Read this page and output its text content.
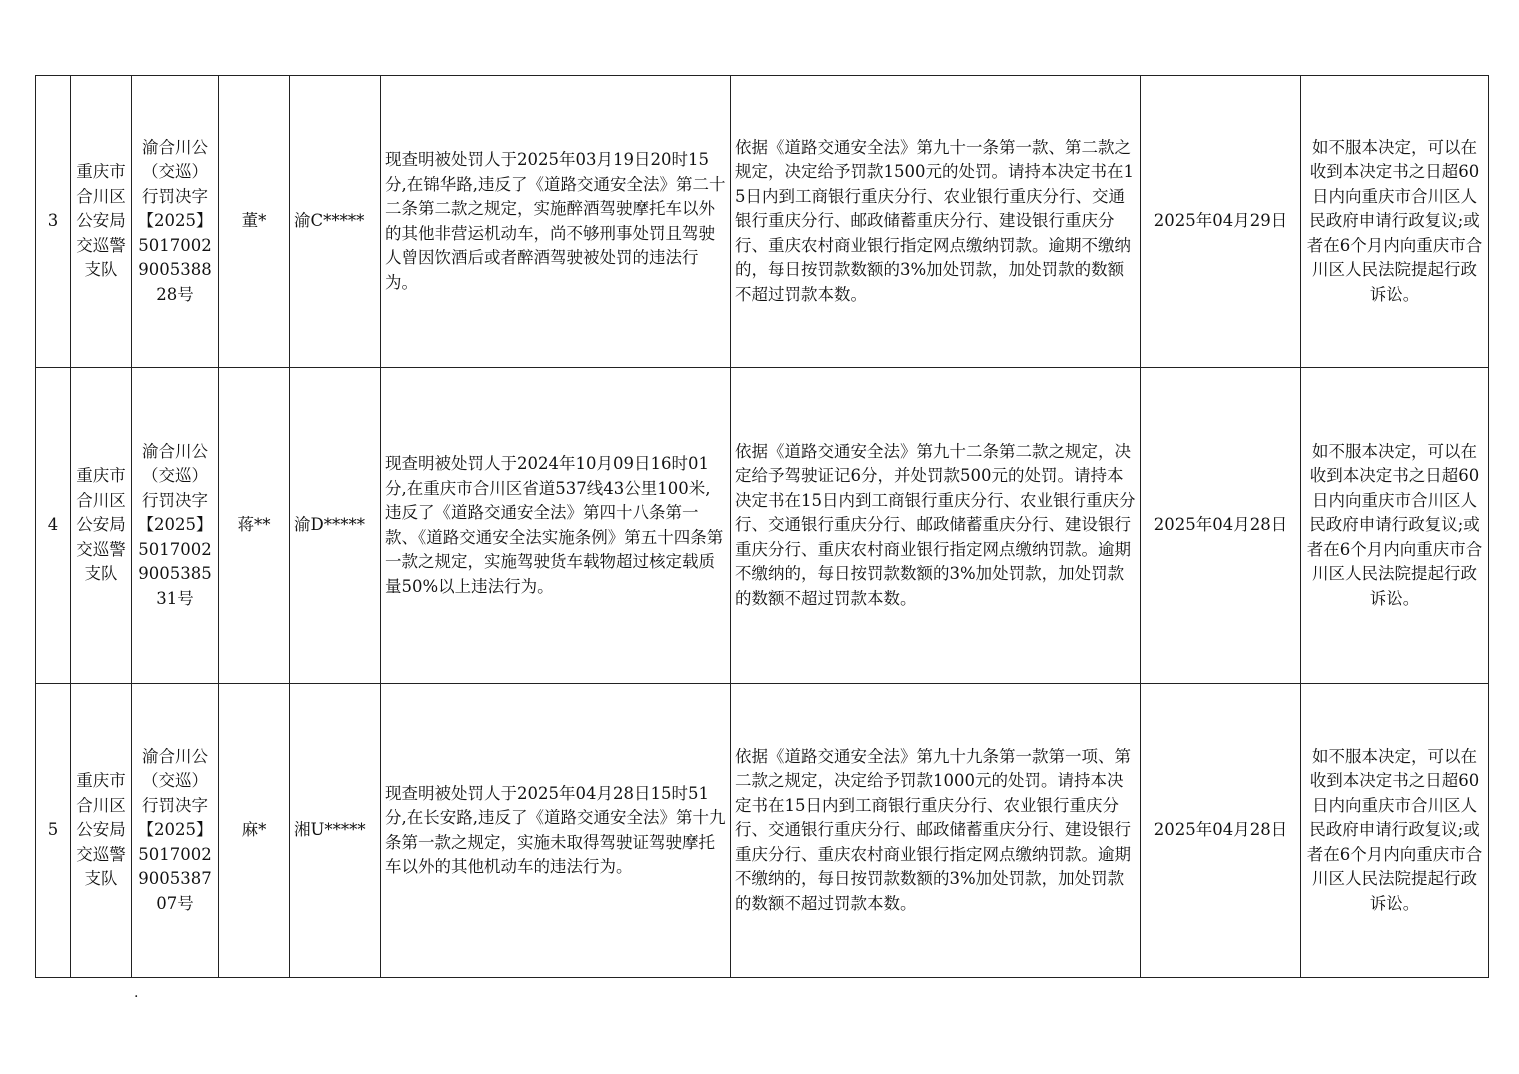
3	重庆市合川区公安局交巡警支队	渝合川公（交巡）行罚决字【2025】5017002900538828号	董*	渝C*****	现查明被处罚人于2025年03月19日20时15分,在锦华路,违反了《道路交通安全法》第二十二条第二款之规定，实施醉酒驾驶摩托车以外的其他非营运机动车，尚不够刑事处罚且驾驶人曾因饮酒后或者醉酒驾驶被处罚的违法行为。	依据《道路交通安全法》第九十一条第一款、第二款之规定，决定给予罚款1500元的处罚。请持本决定书在15日内到工商银行重庆分行、农业银行重庆分行、交通银行重庆分行、邮政储蓄重庆分行、建设银行重庆分行、重庆农村商业银行指定网点缴纳罚款。逾期不缴纳的，每日按罚款数额的3%加处罚款，加处罚款的数额不超过罚款本数。	2025年04月29日	如不服本决定，可以在收到本决定书之日超60日内向重庆市合川区人民政府申请行政复议;或者在6个月内向重庆市合川区人民法院提起行政诉讼。
4	重庆市合川区公安局交巡警支队	渝合川公（交巡）行罚决字【2025】5017002900538531号	蒋**	渝D*****	现查明被处罚人于2024年10月09日16时01分,在重庆市合川区省道537线43公里100米,违反了《道路交通安全法》第四十八条第一款、《道路交通安全法实施条例》第五十四条第一款之规定，实施驾驶货车载物超过核定载质量50%以上违法行为。	依据《道路交通安全法》第九十二条第二款之规定，决定给予驾驶证记6分，并处罚款500元的处罚。请持本决定书在15日内到工商银行重庆分行、农业银行重庆分行、交通银行重庆分行、邮政储蓄重庆分行、建设银行重庆分行、重庆农村商业银行指定网点缴纳罚款。逾期不缴纳的，每日按罚款数额的3%加处罚款，加处罚款的数额不超过罚款本数。	2025年04月28日	如不服本决定，可以在收到本决定书之日超60日内向重庆市合川区人民政府申请行政复议;或者在6个月内向重庆市合川区人民法院提起行政诉讼。
5	重庆市合川区公安局交巡警支队	渝合川公（交巡）行罚决字【2025】5017002900538707号	麻*	湘U*****	现查明被处罚人于2025年04月28日15时51分,在长安路,违反了《道路交通安全法》第十九条第一款之规定，实施未取得驾驶证驾驶摩托车以外的其他机动车的违法行为。	依据《道路交通安全法》第九十九条第一款第一项、第二款之规定，决定给予罚款1000元的处罚。请持本决定书在15日内到工商银行重庆分行、农业银行重庆分行、交通银行重庆分行、邮政储蓄重庆分行、建设银行重庆分行、重庆农村商业银行指定网点缴纳罚款。逾期不缴纳的，每日按罚款数额的3%加处罚款，加处罚款的数额不超过罚款本数。	2025年04月28日	如不服本决定，可以在收到本决定书之日超60日内向重庆市合川区人民政府申请行政复议;或者在6个月内向重庆市合川区人民法院提起行政诉讼。
.
